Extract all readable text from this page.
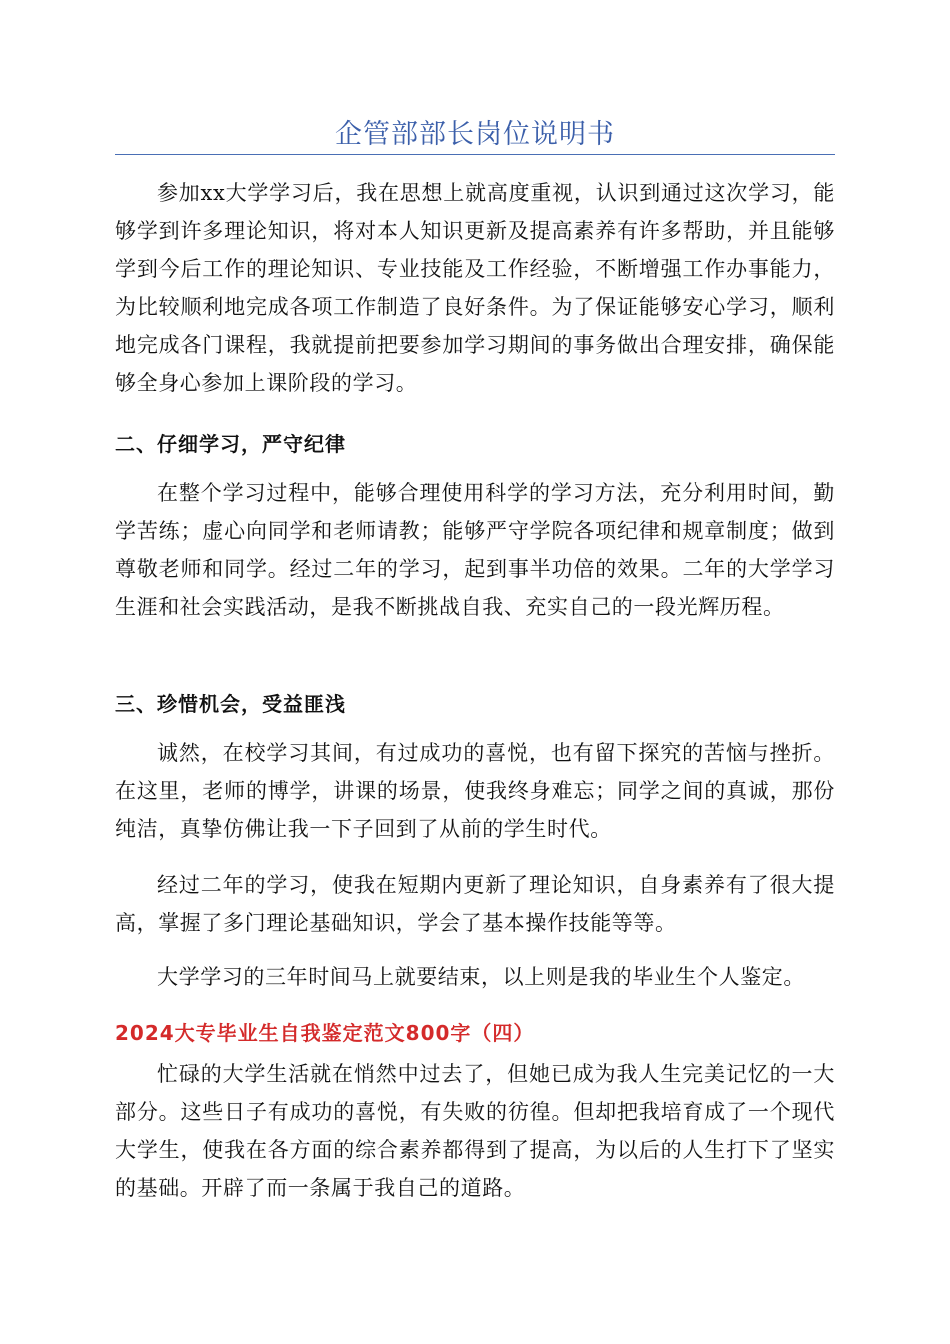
企管部部长岗位说明书

参加xx大学学习后，我在思想上就高度重视，认识到通过这次学习，能够学到许多理论知识，将对本人知识更新及提高素养有许多帮助，并且能够学到今后工作的理论知识、专业技能及工作经验，不断增强工作办事能力，为比较顺利地完成各项工作制造了良好条件。为了保证能够安心学习，顺利地完成各门课程，我就提前把要参加学习期间的事务做出合理安排，确保能够全身心参加上课阶段的学习。

二、仔细学习，严守纪律

在整个学习过程中，能够合理使用科学的学习方法，充分利用时间，勤学苦练；虚心向同学和老师请教；能够严守学院各项纪律和规章制度；做到尊敬老师和同学。经过二年的学习，起到事半功倍的效果。二年的大学学习生涯和社会实践活动，是我不断挑战自我、充实自己的一段光辉历程。

三、珍惜机会，受益匪浅

诚然，在校学习其间，有过成功的喜悦，也有留下探究的苦恼与挫折。在这里，老师的博学，讲课的场景，使我终身难忘；同学之间的真诚，那份纯洁，真挚仿佛让我一下子回到了从前的学生时代。

经过二年的学习，使我在短期内更新了理论知识，自身素养有了很大提高，掌握了多门理论基础知识，学会了基本操作技能等等。

大学学习的三年时间马上就要结束，以上则是我的毕业生个人鉴定。

2024大专毕业生自我鉴定范文800字（四）

忙碌的大学生活就在悄然中过去了，但她已成为我人生完美记忆的一大部分。这些日子有成功的喜悦，有失败的彷徨。但却把我培育成了一个现代大学生，使我在各方面的综合素养都得到了提高，为以后的人生打下了坚实的基础。开辟了而一条属于我自己的道路。
